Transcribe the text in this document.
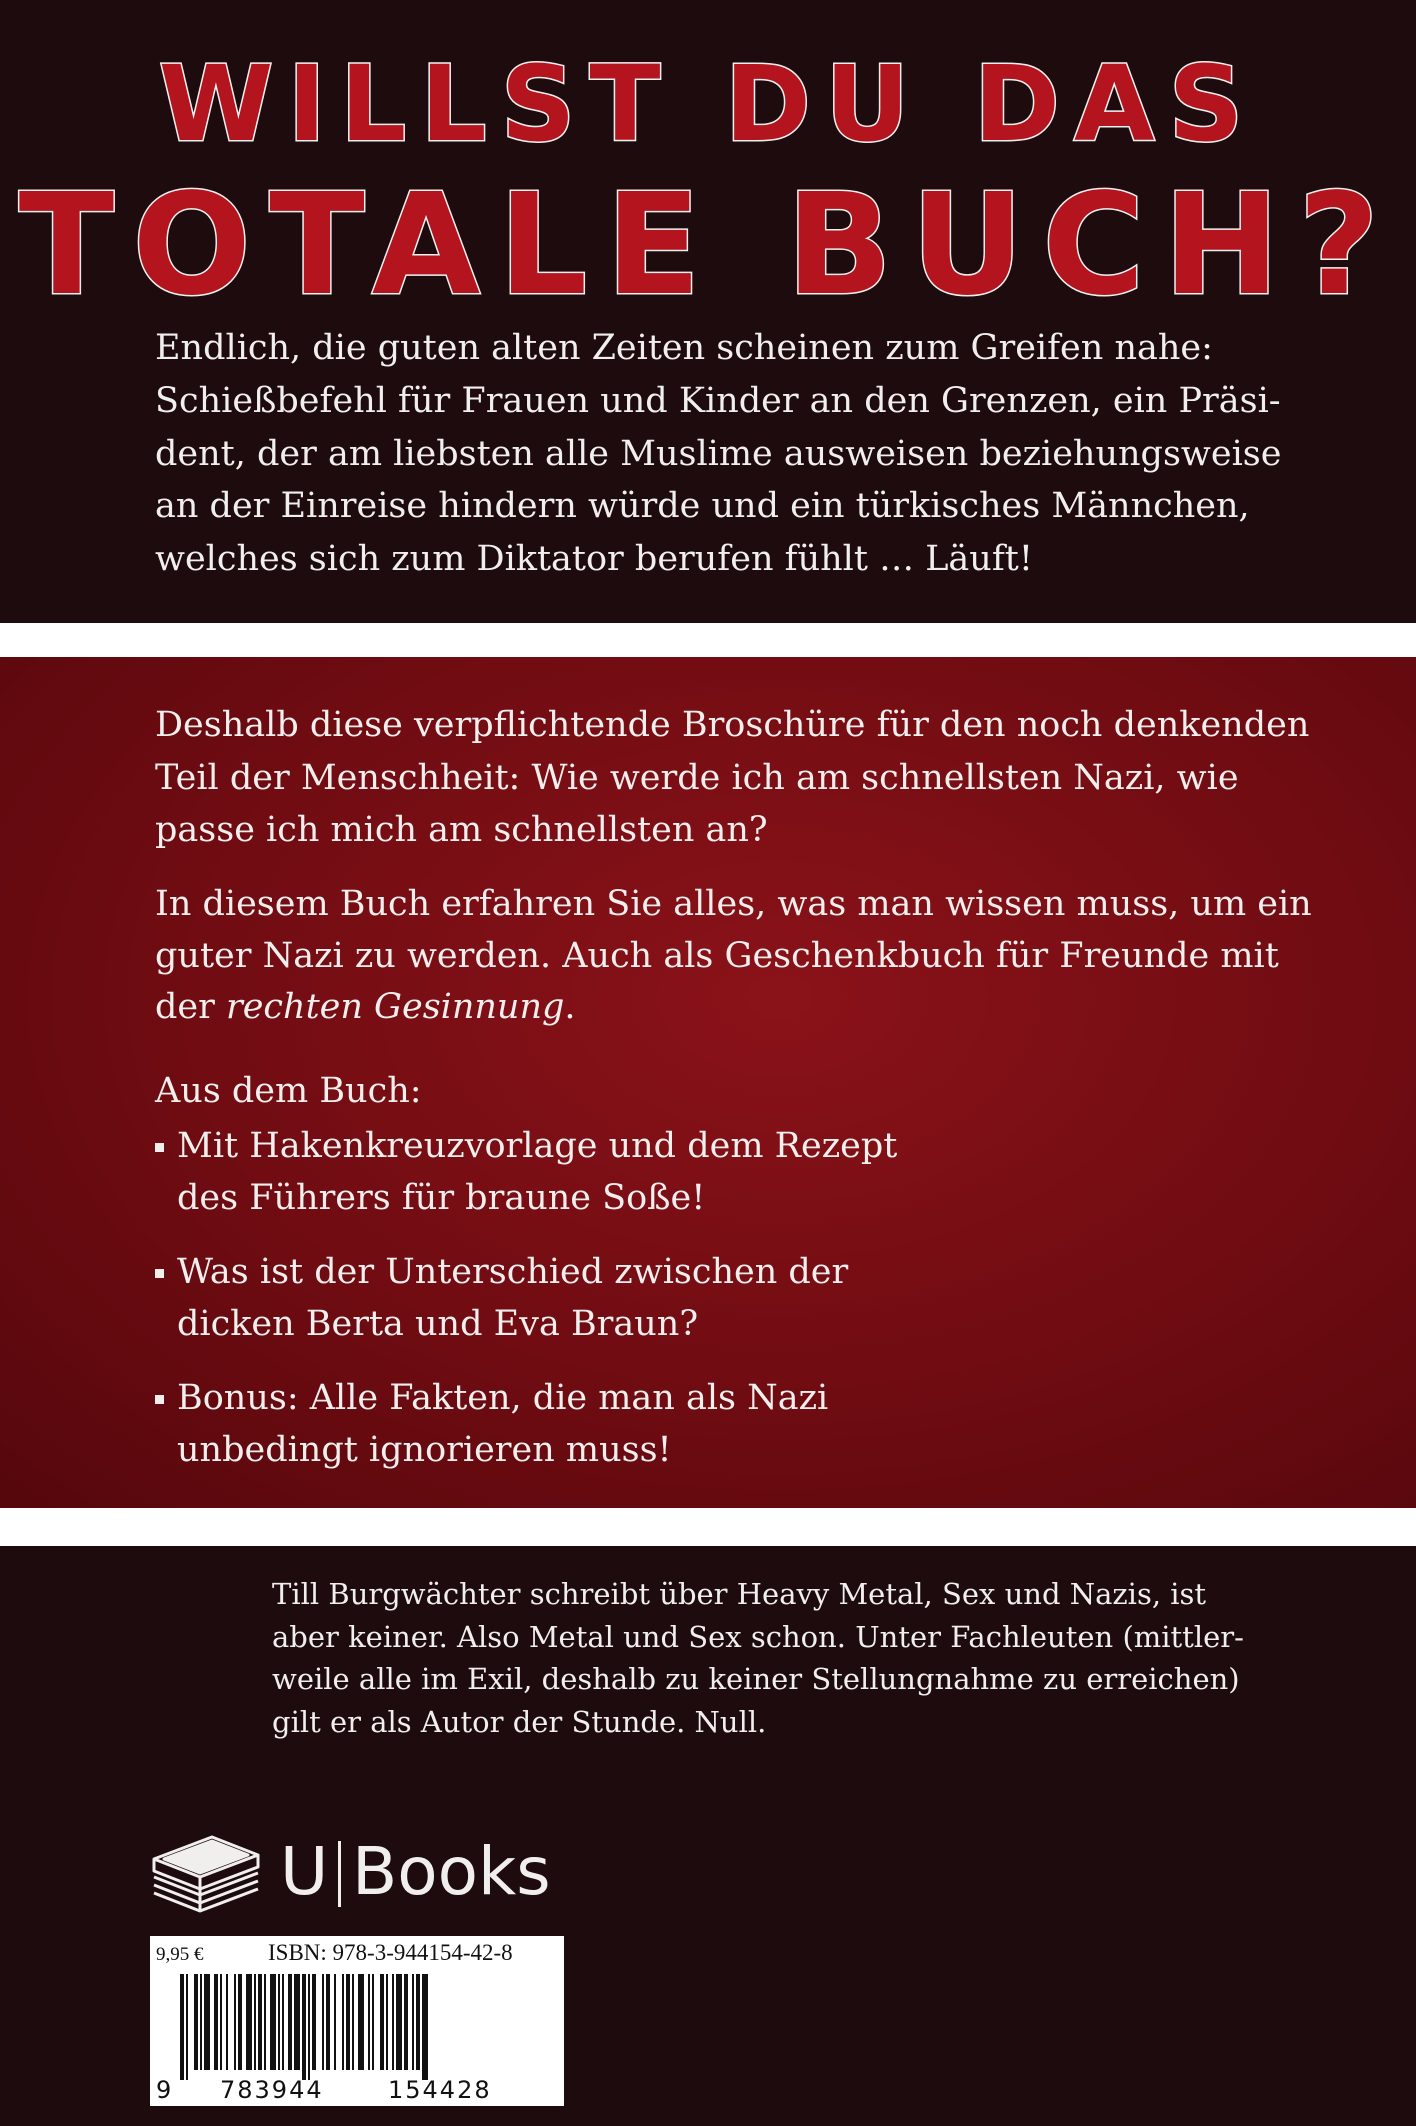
WILLST DU DAS
TOTALE BUCH?

Endlich, die guten alten Zeiten scheinen zum Greifen nahe:
Schießbefehl für Frauen und Kinder an den Grenzen, ein Präsi-
dent, der am liebsten alle Muslime ausweisen beziehungsweise
an der Einreise hindern würde und ein türkisches Männchen,
welches sich zum Diktator berufen fühlt … Läuft!

Deshalb diese verpflichtende Broschüre für den noch denkenden
Teil der Menschheit: Wie werde ich am schnellsten Nazi, wie
passe ich mich am schnellsten an?

In diesem Buch erfahren Sie alles, was man wissen muss, um ein
guter Nazi zu werden. Auch als Geschenkbuch für Freunde mit
der rechten Gesinnung.

Aus dem Buch:

Mit Hakenkreuzvorlage und dem Rezept
des Führers für braune Soße!
Was ist der Unterschied zwischen der
dicken Berta und Eva Braun?
Bonus: Alle Fakten, die man als Nazi
unbedingt ignorieren muss!

Till Burgwächter schreibt über Heavy Metal, Sex und Nazis, ist
aber keiner. Also Metal und Sex schon. Unter Fachleuten (mittler-
weile alle im Exil, deshalb zu keiner Stellungnahme zu erreichen)
gilt er als Autor der Stunde. Null.

U Books
9,95 €	ISBN: 978-3-944154-42-8
9 783944	154428
